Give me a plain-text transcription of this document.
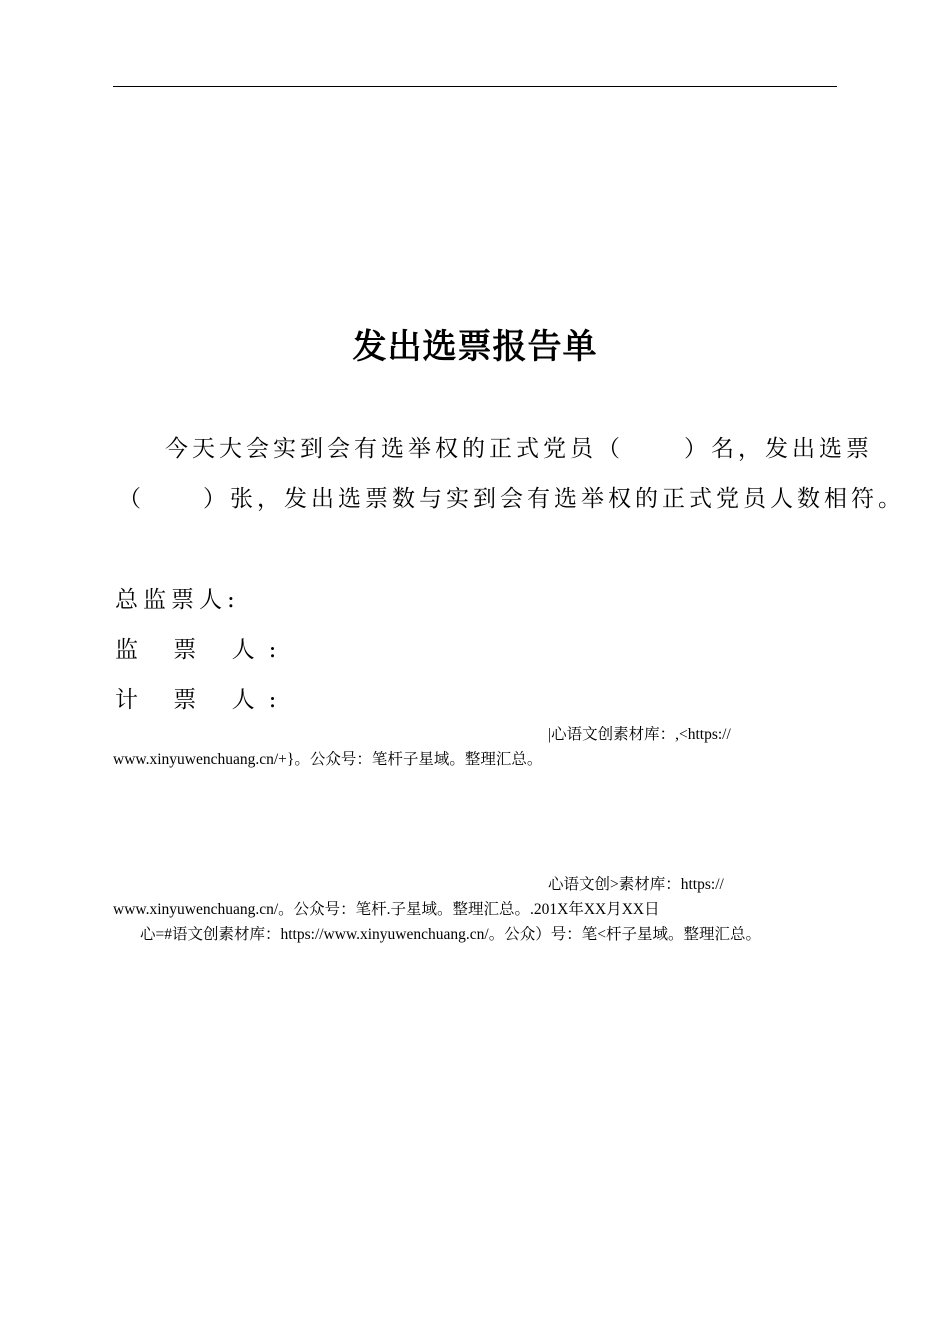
发出选票报告单

今天大会实到会有选举权的正式党员（	）名，发出选票

（	）张，发出选票数与实到会有选举权的正式党员人数相符。

总监票人:
监 票 人:
计 票 人:

|心语文创素材库：,<https://

www.xinyuwenchuang.cn/+}。公众号：笔杆子星域。整理汇总。

心语文创>素材库：https://

www.xinyuwenchuang.cn/。公众号：笔杆.子星域。整理汇总。.201X年XX月XX日

心=#语文创素材库：https://www.xinyuwenchuang.cn/。公众）号：笔<杆子星域。整理汇总。
